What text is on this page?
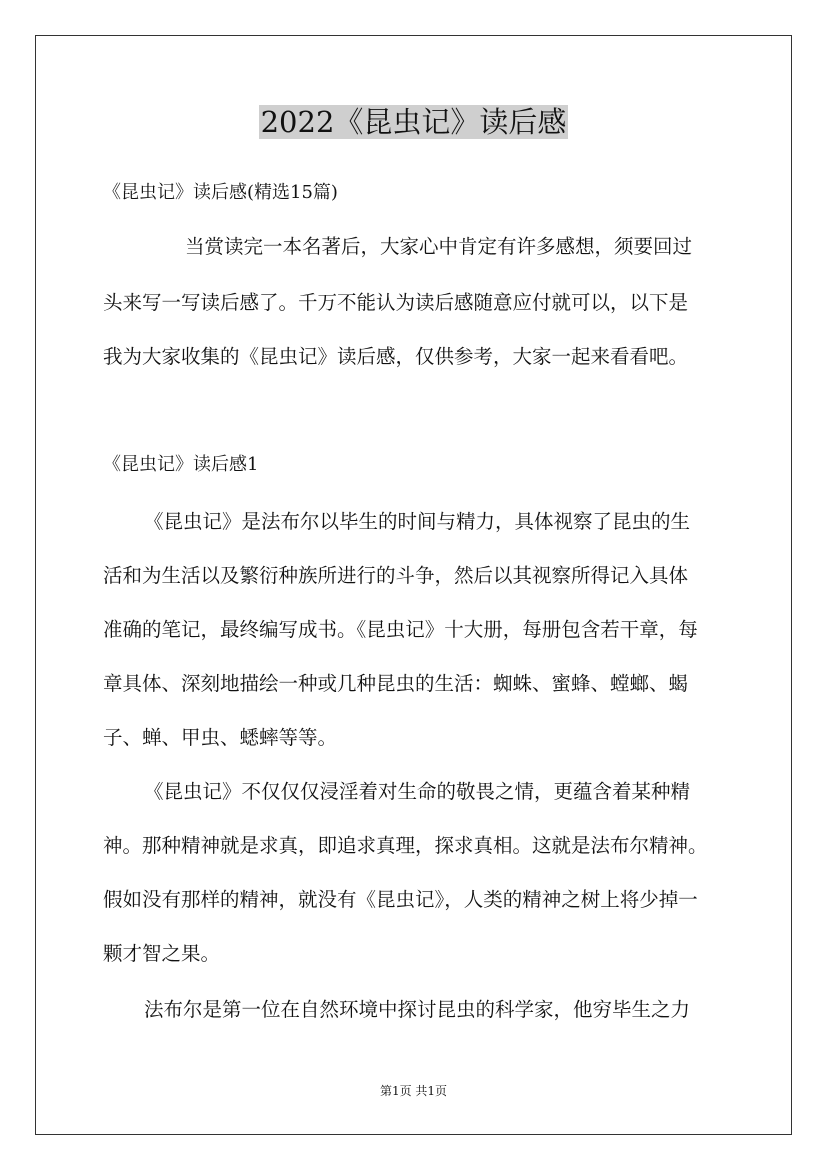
2022《昆虫记》读后感
《昆虫记》读后感(精选15篇)
当赏读完一本名著后，大家心中肯定有许多感想，须要回过
头来写一写读后感了。千万不能认为读后感随意应付就可以，以下是
我为大家收集的《昆虫记》读后感，仅供参考，大家一起来看看吧。
《昆虫记》读后感1
《昆虫记》是法布尔以毕生的时间与精力，具体视察了昆虫的生
活和为生活以及繁衍种族所进行的斗争，然后以其视察所得记入具体
准确的笔记，最终编写成书。《昆虫记》十大册，每册包含若干章，每
章具体、深刻地描绘一种或几种昆虫的生活：蜘蛛、蜜蜂、螳螂、蝎
子、蝉、甲虫、蟋蟀等等。
《昆虫记》不仅仅仅浸淫着对生命的敬畏之情，更蕴含着某种精
神。那种精神就是求真，即追求真理，探求真相。这就是法布尔精神。
假如没有那样的精神，就没有《昆虫记》，人类的精神之树上将少掉一
颗才智之果。
法布尔是第一位在自然环境中探讨昆虫的科学家，他穷毕生之力
第1页 共1页
